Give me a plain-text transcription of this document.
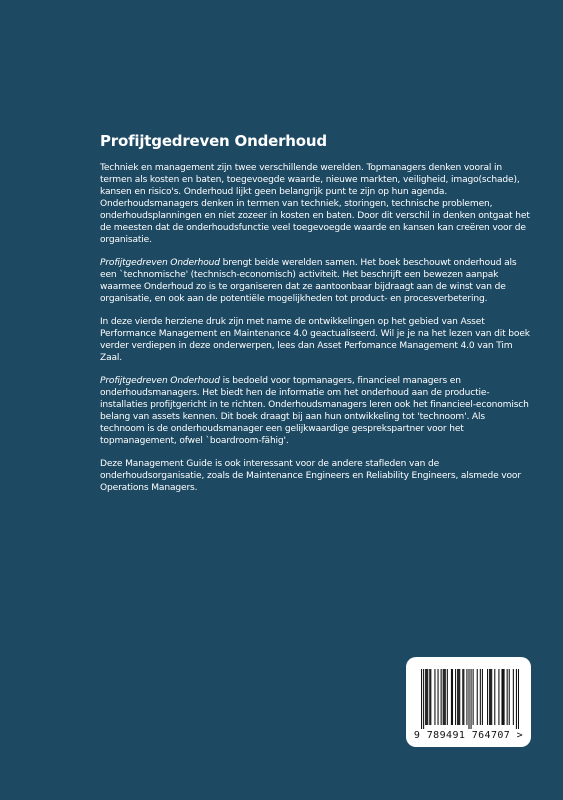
Profijtgedreven Onderhoud

Techniek en management zijn twee verschillende werelden. Topmanagers denken vooral in termen als kosten en baten, toegevoegde waarde, nieuwe markten, veiligheid, imago(schade), kansen en risico's. Onderhoud lijkt geen belangrijk punt te zijn op hun agenda. Onderhoudsmanagers denken in termen van techniek, storingen, technische problemen, onderhoudsplanningen en niet zozeer in kosten en baten. Door dit verschil in denken ontgaat het de meesten dat de onderhoudsfunctie veel toegevoegde waarde en kansen kan creëren voor de organisatie.

Profijtgedreven Onderhoud brengt beide werelden samen. Het boek beschouwt onderhoud als een `technomische' (technisch-economisch) activiteit. Het beschrijft een bewezen aanpak waarmee Onderhoud zo is te organiseren dat ze aantoonbaar bijdraagt aan de winst van de organisatie, en ook aan de potentiële mogelijkheden tot product- en procesverbetering.

In deze vierde herziene druk zijn met name de ontwikkelingen op het gebied van Asset Performance Management en Maintenance 4.0 geactualiseerd. Wil je je na het lezen van dit boek verder verdiepen in deze onderwerpen, lees dan Asset Perfomance Management 4.0 van Tim Zaal.

Profijtgedreven Onderhoud is bedoeld voor topmanagers, financieel managers en onderhoudsmanagers. Het biedt hen de informatie om het onderhoud aan de productie-installaties profijtgericht in te richten. Onderhoudsmanagers leren ook het financieel-economisch belang van assets kennen. Dit boek draagt bij aan hun ontwikkeling tot 'technoom'. Als technoom is de onderhoudsmanager een gelijkwaardige gesprekspartner voor het topmanagement, ofwel `boardroom-fähig'.

Deze Management Guide is ook interessant voor de andere stafleden van de onderhoudsorganisatie, zoals de Maintenance Engineers en Reliability Engineers, alsmede voor Operations Managers.

9 789491 764707 >
